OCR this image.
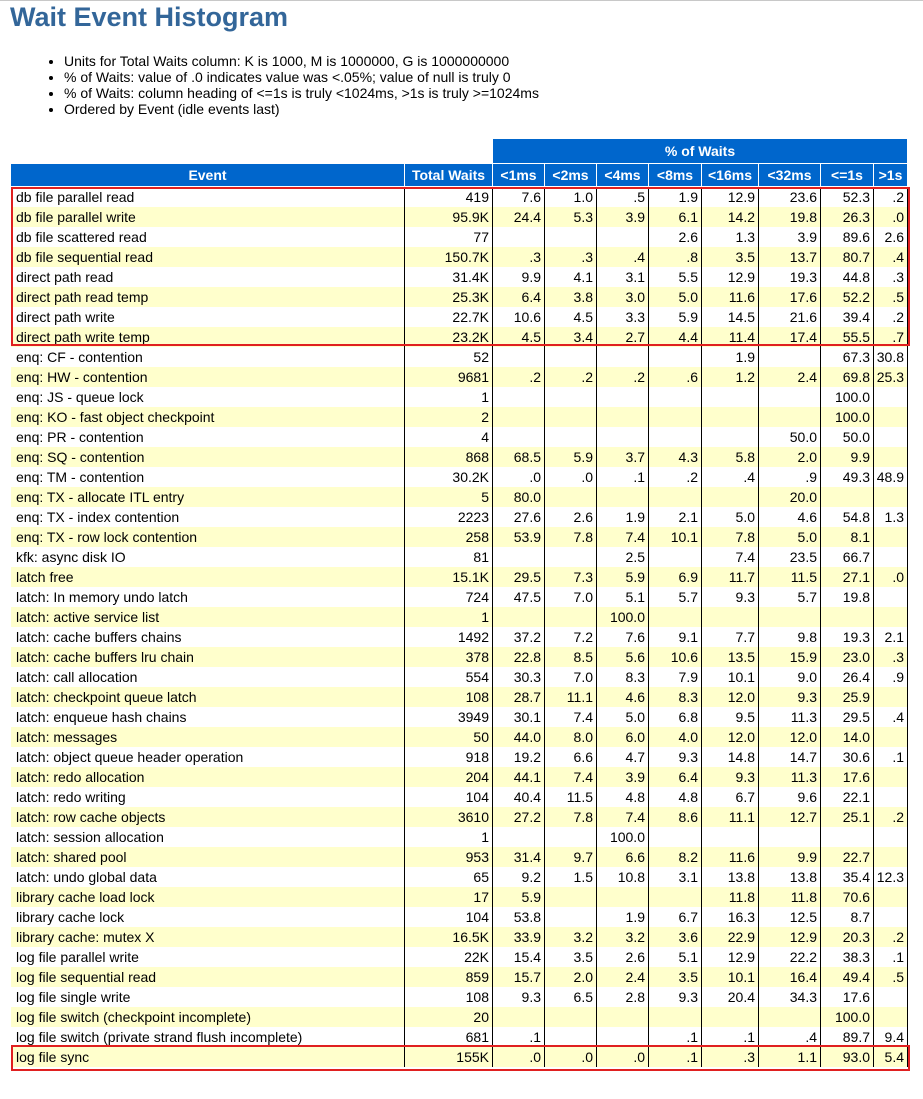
Wait Event Histogram
• Units for Total Waits column: K is 1000, M is 1000000, G is 1000000000
• % of Waits: value of .0 indicates value was <.05%; value of null is truly 0
• % of Waits: column heading of <=1s is truly <1024ms, >1s is truly >=1024ms
• Ordered by Event (idle events last)
		% of Waits							
Event	Total Waits	<1ms	<2ms	<4ms	<8ms	<16ms	<32ms	<=1s	>1s
db file parallel read	419	7.6	1.0	.5	1.9	12.9	23.6	52.3	.2
db file parallel write	95.9K	24.4	5.3	3.9	6.1	14.2	19.8	26.3	.0
db file scattered read	77				2.6	1.3	3.9	89.6	2.6
db file sequential read	150.7K	.3	.3	.4	.8	3.5	13.7	80.7	.4
direct path read	31.4K	9.9	4.1	3.1	5.5	12.9	19.3	44.8	.3
direct path read temp	25.3K	6.4	3.8	3.0	5.0	11.6	17.6	52.2	.5
direct path write	22.7K	10.6	4.5	3.3	5.9	14.5	21.6	39.4	.2
direct path write temp	23.2K	4.5	3.4	2.7	4.4	11.4	17.4	55.5	.7
enq: CF - contention	52					1.9		67.3	30.8
enq: HW - contention	9681	.2	.2	.2	.6	1.2	2.4	69.8	25.3
enq: JS - queue lock	1							100.0	
enq: KO - fast object checkpoint	2							100.0	
enq: PR - contention	4						50.0	50.0	
enq: SQ - contention	868	68.5	5.9	3.7	4.3	5.8	2.0	9.9	
enq: TM - contention	30.2K	.0	.0	.1	.2	.4	.9	49.3	48.9
enq: TX - allocate ITL entry	5	80.0					20.0		
enq: TX - index contention	2223	27.6	2.6	1.9	2.1	5.0	4.6	54.8	1.3
enq: TX - row lock contention	258	53.9	7.8	7.4	10.1	7.8	5.0	8.1	
kfk: async disk IO	81			2.5		7.4	23.5	66.7	
latch free	15.1K	29.5	7.3	5.9	6.9	11.7	11.5	27.1	.0
latch: In memory undo latch	724	47.5	7.0	5.1	5.7	9.3	5.7	19.8	
latch: active service list	1			100.0					
latch: cache buffers chains	1492	37.2	7.2	7.6	9.1	7.7	9.8	19.3	2.1
latch: cache buffers lru chain	378	22.8	8.5	5.6	10.6	13.5	15.9	23.0	.3
latch: call allocation	554	30.3	7.0	8.3	7.9	10.1	9.0	26.4	.9
latch: checkpoint queue latch	108	28.7	11.1	4.6	8.3	12.0	9.3	25.9	
latch: enqueue hash chains	3949	30.1	7.4	5.0	6.8	9.5	11.3	29.5	.4
latch: messages	50	44.0	8.0	6.0	4.0	12.0	12.0	14.0	
latch: object queue header operation	918	19.2	6.6	4.7	9.3	14.8	14.7	30.6	.1
latch: redo allocation	204	44.1	7.4	3.9	6.4	9.3	11.3	17.6	
latch: redo writing	104	40.4	11.5	4.8	4.8	6.7	9.6	22.1	
latch: row cache objects	3610	27.2	7.8	7.4	8.6	11.1	12.7	25.1	.2
latch: session allocation	1			100.0					
latch: shared pool	953	31.4	9.7	6.6	8.2	11.6	9.9	22.7	
latch: undo global data	65	9.2	1.5	10.8	3.1	13.8	13.8	35.4	12.3
library cache load lock	17	5.9				11.8	11.8	70.6	
library cache lock	104	53.8		1.9	6.7	16.3	12.5	8.7	
library cache: mutex X	16.5K	33.9	3.2	3.2	3.6	22.9	12.9	20.3	.2
log file parallel write	22K	15.4	3.5	2.6	5.1	12.9	22.2	38.3	.1
log file sequential read	859	15.7	2.0	2.4	3.5	10.1	16.4	49.4	.5
log file single write	108	9.3	6.5	2.8	9.3	20.4	34.3	17.6	
log file switch (checkpoint incomplete)	20							100.0	
log file switch (private strand flush incomplete)	681	.1			.1	.1	.4	89.7	9.4
log file sync	155K	.0	.0	.0	.1	.3	1.1	93.0	5.4
